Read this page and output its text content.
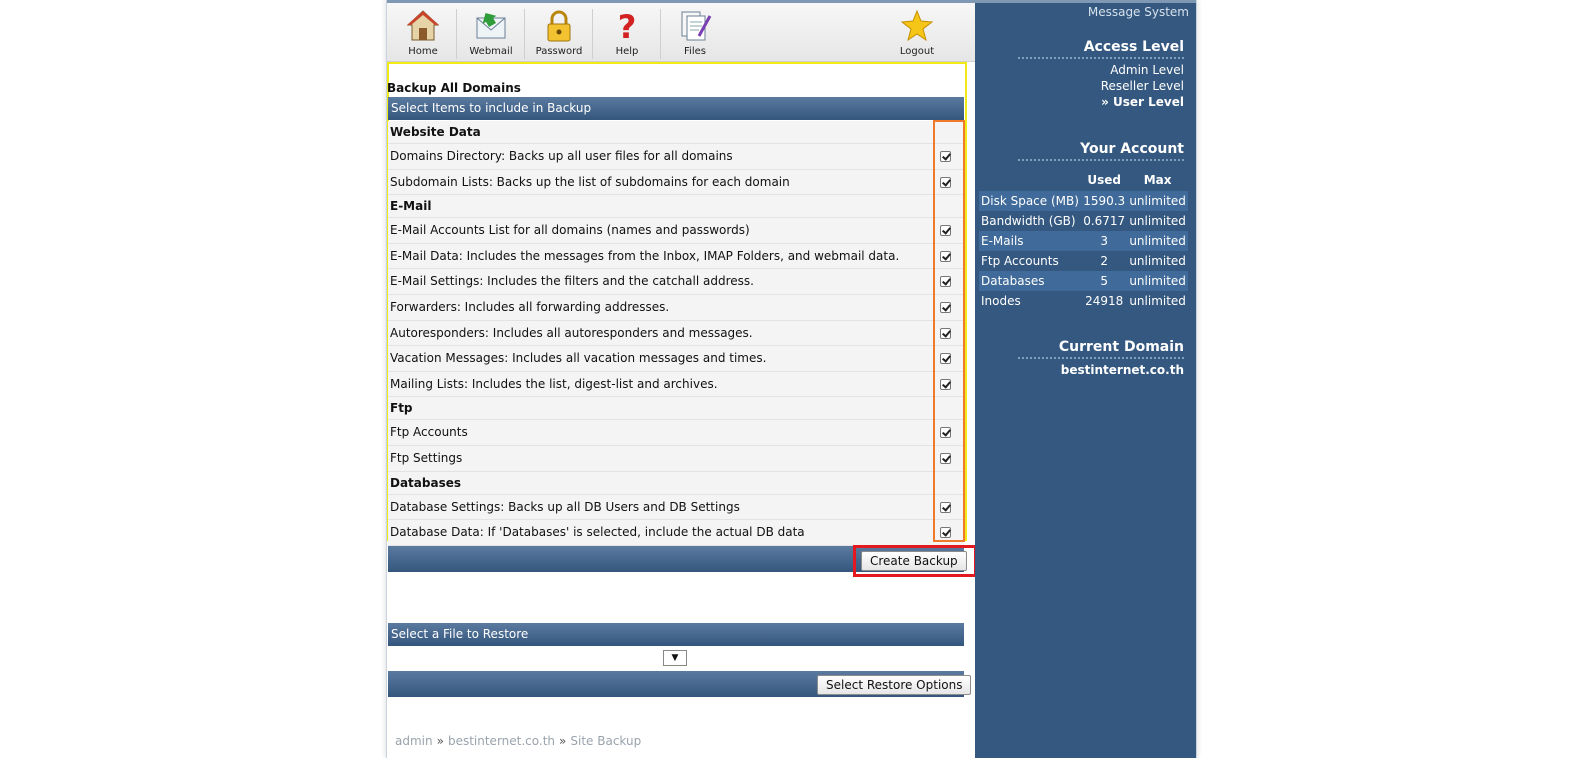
Home	Webmail	Password
?
Help	Files	Logout
Backup All Domains
Select Items to include in Backup
Website Data
Domains Directory: Backs up all user files for all domains
Subdomain Lists: Backs up the list of subdomains for each domain
E-Mail
E-Mail Accounts List for all domains (names and passwords)
E-Mail Data: Includes the messages from the Inbox, IMAP Folders, and webmail data.
E-Mail Settings: Includes the filters and the catchall address.
Forwarders: Includes all forwarding addresses.
Autoresponders: Includes all autoresponders and messages.
Vacation Messages: Includes all vacation messages and times.
Mailing Lists: Includes the list, digest-list and archives.
Ftp
Ftp Accounts
Ftp Settings
Databases
Database Settings: Backs up all DB Users and DB Settings
Database Data: If 'Databases' is selected, include the actual DB data
Create Backup
Select a File to Restore
▼
Select Restore Options
admin » bestinternet.co.th » Site Backup
Message System
Access Level
Admin Level
Reseller Level
» User Level
Your Account
	Used	Max
Disk Space (MB)	1590.3	unlimited
Bandwidth (GB)	0.6717	unlimited
E-Mails	3	unlimited
Ftp Accounts	2	unlimited
Databases	5	unlimited
Inodes	24918	unlimited
Current Domain
bestinternet.co.th
